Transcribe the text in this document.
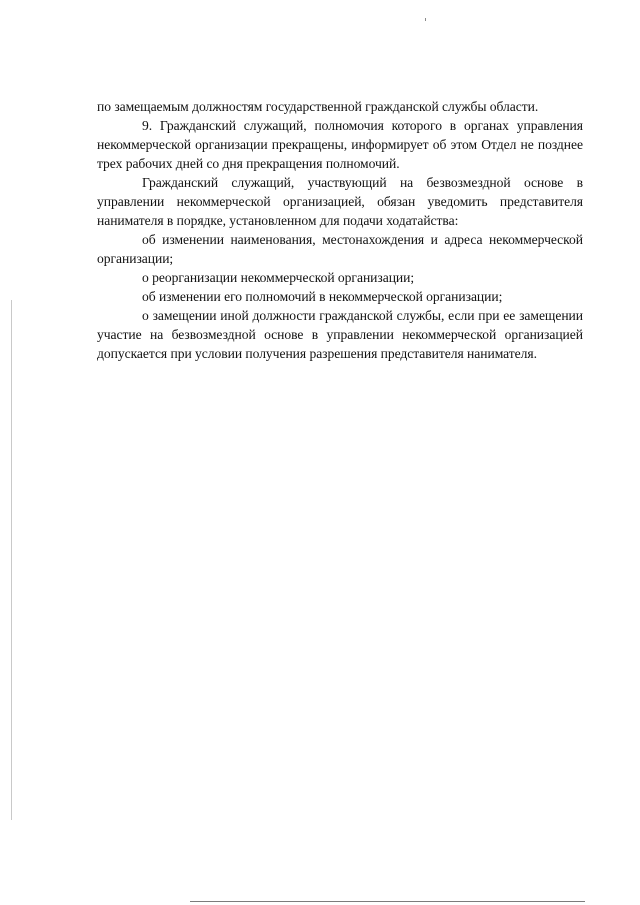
по замещаемым должностям государственной гражданской службы области.

9. Гражданский служащий, полномочия которого в органах управления некоммерческой организации прекращены, информирует об этом Отдел не позднее трех рабочих дней со дня прекращения полномочий.

Гражданский служащий, участвующий на безвозмездной основе в управлении некоммерческой организацией, обязан уведомить представителя нанимателя в порядке, установленном для подачи ходатайства:

об изменении наименования, местонахождения и адреса некоммерческой организации;

о реорганизации некоммерческой организации;

об изменении его полномочий в некоммерческой организации;

о замещении иной должности гражданской службы, если при ее замещении участие на безвозмездной основе в управлении некоммерческой организацией допускается при условии получения разрешения представителя нанимателя.
